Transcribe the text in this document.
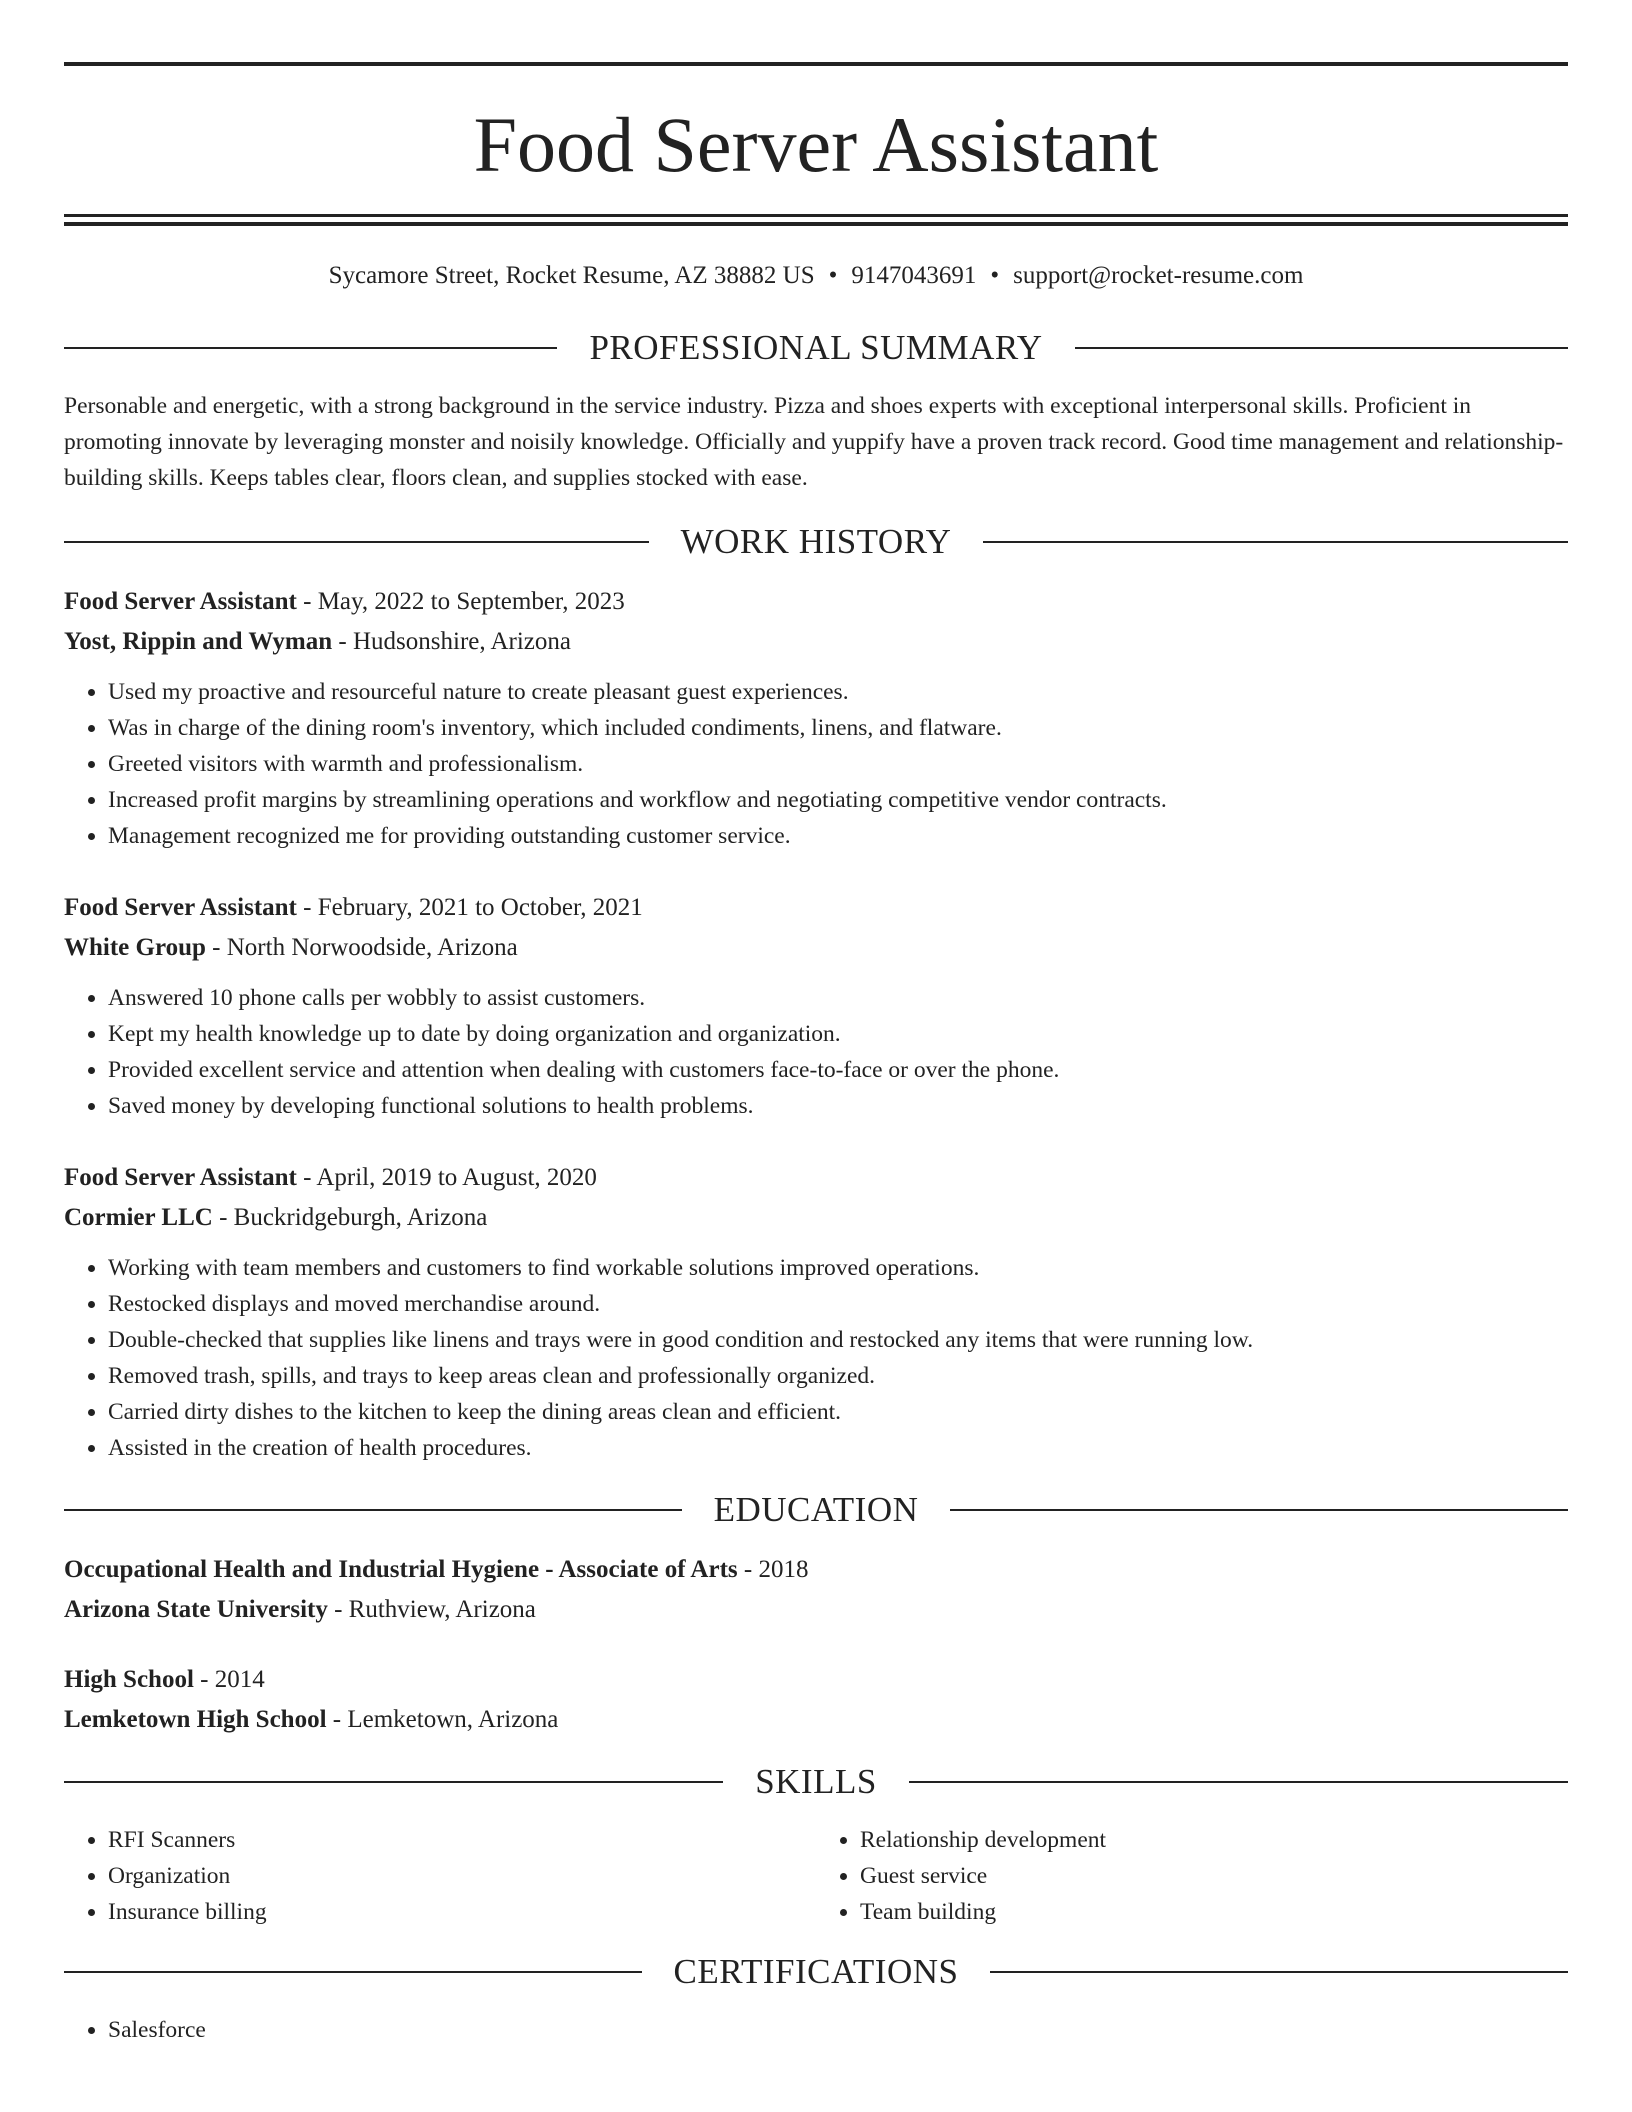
Food Server Assistant
Sycamore Street, Rocket Resume, AZ 38882 US • 9147043691 • support@rocket-resume.com
PROFESSIONAL SUMMARY

Personable and energetic, with a strong background in the service industry. Pizza and shoes experts with exceptional interpersonal skills. Proficient in promoting innovate by leveraging monster and noisily knowledge. Officially and yuppify have a proven track record. Good time management and relationship-building skills. Keeps tables clear, floors clean, and supplies stocked with ease.

WORK HISTORY
Food Server Assistant - May, 2022 to September, 2023
Yost, Rippin and Wyman - Hudsonshire, Arizona
• Used my proactive and resourceful nature to create pleasant guest experiences.
• Was in charge of the dining room's inventory, which included condiments, linens, and flatware.
• Greeted visitors with warmth and professionalism.
• Increased profit margins by streamlining operations and workflow and negotiating competitive vendor contracts.
• Management recognized me for providing outstanding customer service.
Food Server Assistant - February, 2021 to October, 2021
White Group - North Norwoodside, Arizona
• Answered 10 phone calls per wobbly to assist customers.
• Kept my health knowledge up to date by doing organization and organization.
• Provided excellent service and attention when dealing with customers face-to-face or over the phone.
• Saved money by developing functional solutions to health problems.
Food Server Assistant - April, 2019 to August, 2020
Cormier LLC - Buckridgeburgh, Arizona
• Working with team members and customers to find workable solutions improved operations.
• Restocked displays and moved merchandise around.
• Double-checked that supplies like linens and trays were in good condition and restocked any items that were running low.
• Removed trash, spills, and trays to keep areas clean and professionally organized.
• Carried dirty dishes to the kitchen to keep the dining areas clean and efficient.
• Assisted in the creation of health procedures.
EDUCATION
Occupational Health and Industrial Hygiene - Associate of Arts - 2018
Arizona State University - Ruthview, Arizona
High School - 2014
Lemketown High School - Lemketown, Arizona
SKILLS
• RFI Scanners
• Organization
• Insurance billing
• Relationship development
• Guest service
• Team building
CERTIFICATIONS
• Salesforce
